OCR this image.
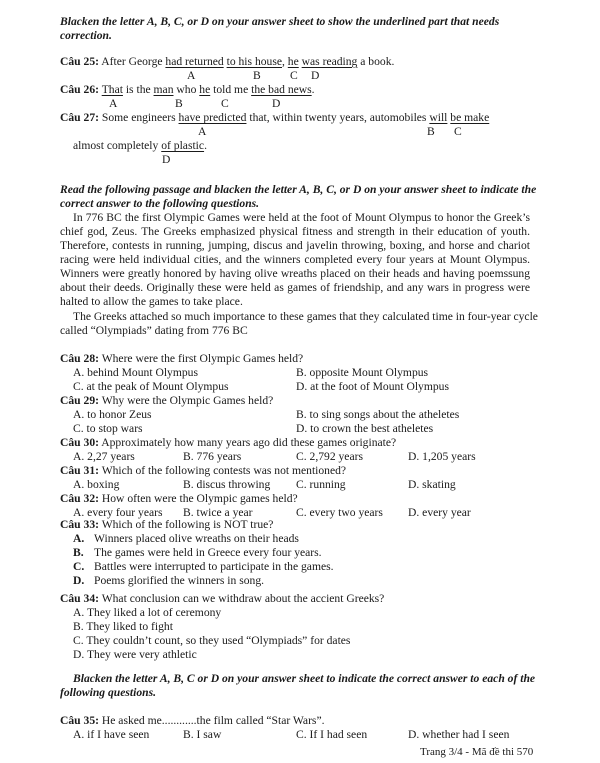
Blacken the letter A, B, C, or D on your answer sheet to show the underlined part that needs
correction.
Câu 25: After George had returned to his house, he was reading a book.
A	B	C D
Câu 26: That is the man who he told me the bad news.
A	B	C	D
Câu 27: Some engineers have predicted that, within twenty years, automobiles will be make
A	B C
almost completely of plastic.
D
Read the following passage and blacken the letter A, B, C, or D on your answer sheet to indicate the
correct answer to the following questions.
In 776 BC the first Olympic Games were held at the foot of Mount Olympus to honor the Greek’s
chief god, Zeus. The Greeks emphasized physical fitness and strength in their education of youth.
Therefore, contests in running, jumping, discus and javelin throwing, boxing, and horse and chariot
racing were held individual cities, and the winners completed every four years at Mount Olympus.
Winners were greatly honored by having olive wreaths placed on their heads and having poemssung
about their deeds. Originally these were held as games of friendship, and any wars in progress were
halted to allow the games to take place.
The Greeks attached so much importance to these games that they calculated time in four-year cycle
called “Olympiads” dating from 776 BC
Câu 28: Where were the first Olympic Games held?
A. behind Mount Olympus	B. opposite Mount Olympus
C. at the peak of Mount Olympus	D. at the foot of Mount Olympus
Câu 29: Why were the Olympic Games held?
A. to honor Zeus	B. to sing songs about the atheletes
C. to stop wars	D. to crown the best atheletes
Câu 30: Approximately how many years ago did these games originate?
A. 2,27 years	B. 776 years	C. 2,792 years	D. 1,205 years
Câu 31: Which of the following contests was not mentioned?
A. boxing	B. discus throwing C. running	D. skating
Câu 32: How often were the Olympic games held?
A. every four years B. twice a year	C. every two years D. every year
Câu 33: Which of the following is NOT true?
A. Winners placed olive wreaths on their heads
B. The games were held in Greece every four years.
C. Battles were interrupted to participate in the games.
D. Poems glorified the winners in song.
Câu 34: What conclusion can we withdraw about the accient Greeks?
A. They liked a lot of ceremony
B. They liked to fight
C. They couldn’t count, so they used “Olympiads” for dates
D. They were very athletic
Blacken the letter A, B, C or D on your answer sheet to indicate the correct answer to each of the
following questions.
Câu 35: He asked me............the film called “Star Wars”.
A. if I have seen	B. I saw	C. If I had seen	D. whether had I seen
Trang 3/4 - Mã đề thi 570
